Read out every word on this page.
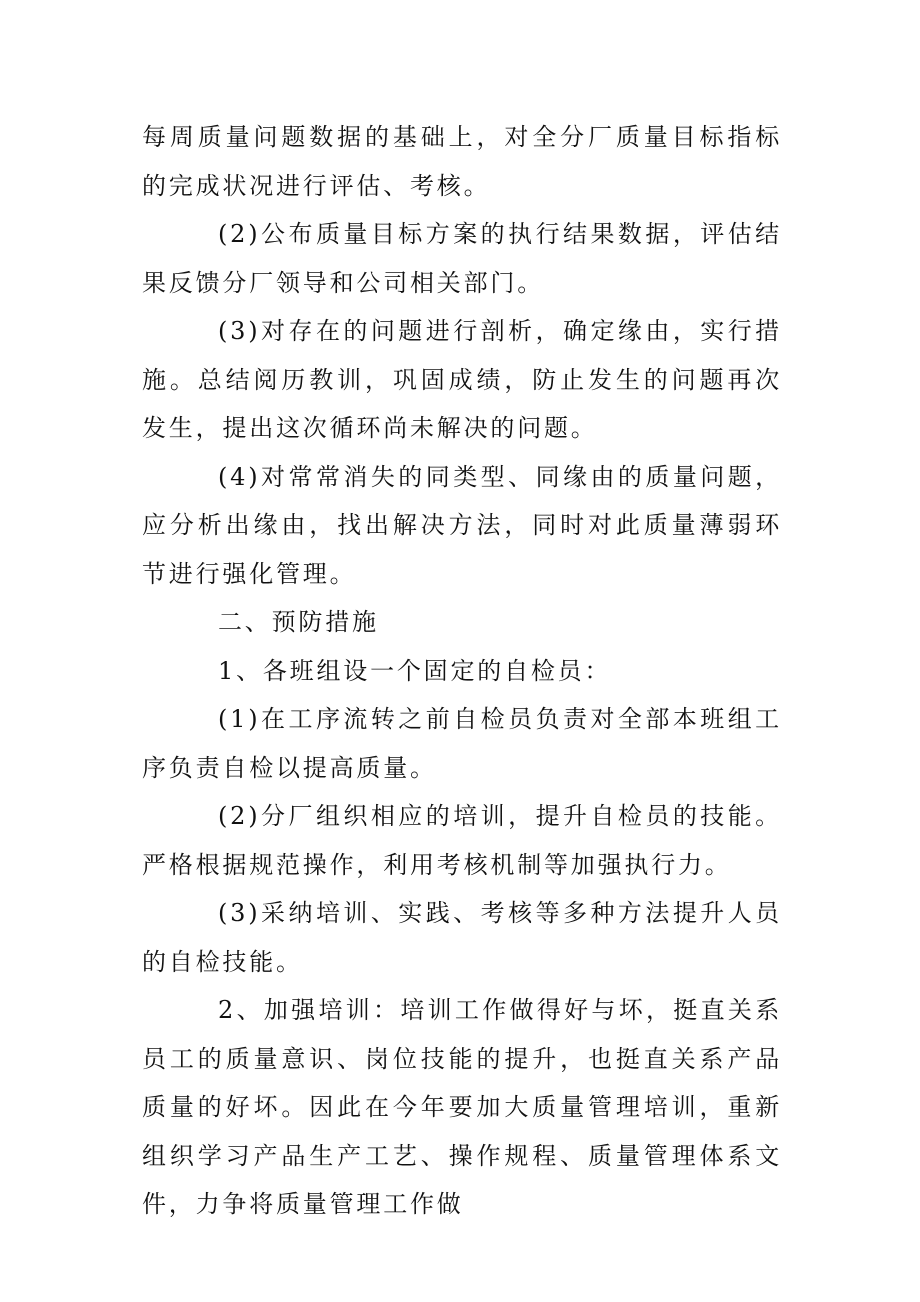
每周质量问题数据的基础上，对全分厂质量目标指标的完成状况进行评估、考核。

(2)公布质量目标方案的执行结果数据，评估结果反馈分厂领导和公司相关部门。

(3)对存在的问题进行剖析，确定缘由，实行措施。总结阅历教训，巩固成绩，防止发生的问题再次发生，提出这次循环尚未解决的问题。

(4)对常常消失的同类型、同缘由的质量问题，应分析出缘由，找出解决方法，同时对此质量薄弱环节进行强化管理。

二、预防措施

1、各班组设一个固定的自检员：

(1)在工序流转之前自检员负责对全部本班组工序负责自检以提高质量。

(2)分厂组织相应的培训，提升自检员的技能。严格根据规范操作，利用考核机制等加强执行力。

(3)采纳培训、实践、考核等多种方法提升人员的自检技能。

2、加强培训：培训工作做得好与坏，挺直关系员工的质量意识、岗位技能的提升，也挺直关系产品质量的好坏。因此在今年要加大质量管理培训，重新组织学习产品生产工艺、操作规程、质量管理体系文件，力争将质量管理工作做
